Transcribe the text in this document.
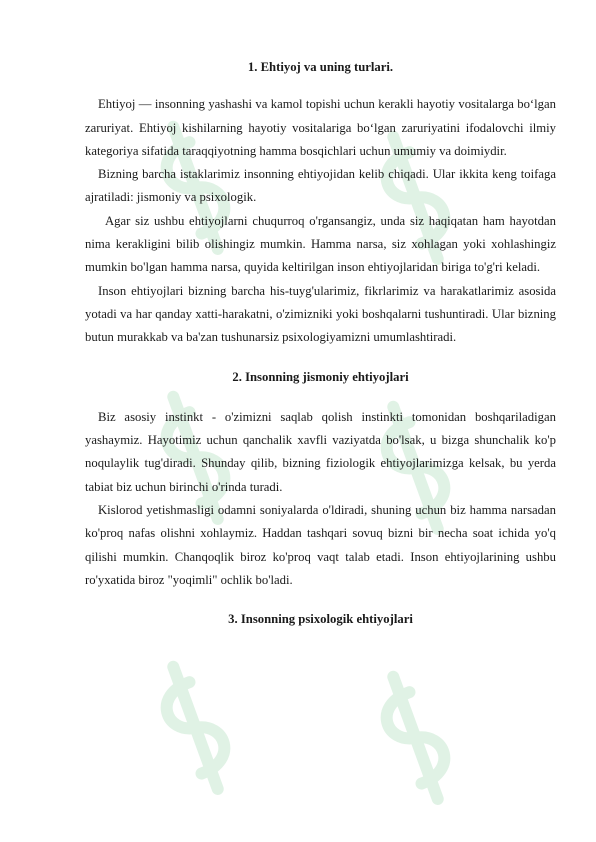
1. Ehtiyoj va uning turlari.

Ehtiyoj — insonning yashashi va kamol topishi uchun kerakli hayotiy vositalarga bo‘lgan zaruriyat. Ehtiyoj kishilarning hayotiy vositalariga bo‘lgan zaruriyatini ifodalovchi ilmiy kategoriya sifatida taraqqiyotning hamma bosqichlari uchun umumiy va doimiydir.

Bizning barcha istaklarimiz insonning ehtiyojidan kelib chiqadi. Ular ikkita keng toifaga ajratiladi: jismoniy va psixologik.

Agar siz ushbu ehtiyojlarni chuqurroq o'rgansangiz, unda siz haqiqatan ham hayotdan nima kerakligini bilib olishingiz mumkin. Hamma narsa, siz xohlagan yoki xohlashingiz mumkin bo'lgan hamma narsa, quyida keltirilgan inson ehtiyojlaridan biriga to'g'ri keladi.

Inson ehtiyojlari bizning barcha his-tuyg'ularimiz, fikrlarimiz va harakatlarimiz asosida yotadi va har qanday xatti-harakatni, o'zimizniki yoki boshqalarni tushuntiradi. Ular bizning butun murakkab va ba'zan tushunarsiz psixologiyamizni umumlashtiradi.

2. Insonning jismoniy ehtiyojlari

Biz asosiy instinkt - o'zimizni saqlab qolish instinkti tomonidan boshqariladigan yashaymiz. Hayotimiz uchun qanchalik xavfli vaziyatda bo'lsak, u bizga shunchalik ko'p noqulaylik tug'diradi. Shunday qilib, bizning fiziologik ehtiyojlarimizga kelsak, bu yerda tabiat biz uchun birinchi o'rinda turadi.

Kislorod yetishmasligi odamni soniyalarda o'ldiradi, shuning uchun biz hamma narsadan ko'proq nafas olishni xohlaymiz. Haddan tashqari sovuq bizni bir necha soat ichida yo'q qilishi mumkin. Chanqoqlik biroz ko'proq vaqt talab etadi. Inson ehtiyojlarining ushbu ro'yxatida biroz "yoqimli" ochlik bo'ladi.

3. Insonning psixologik ehtiyojlari
